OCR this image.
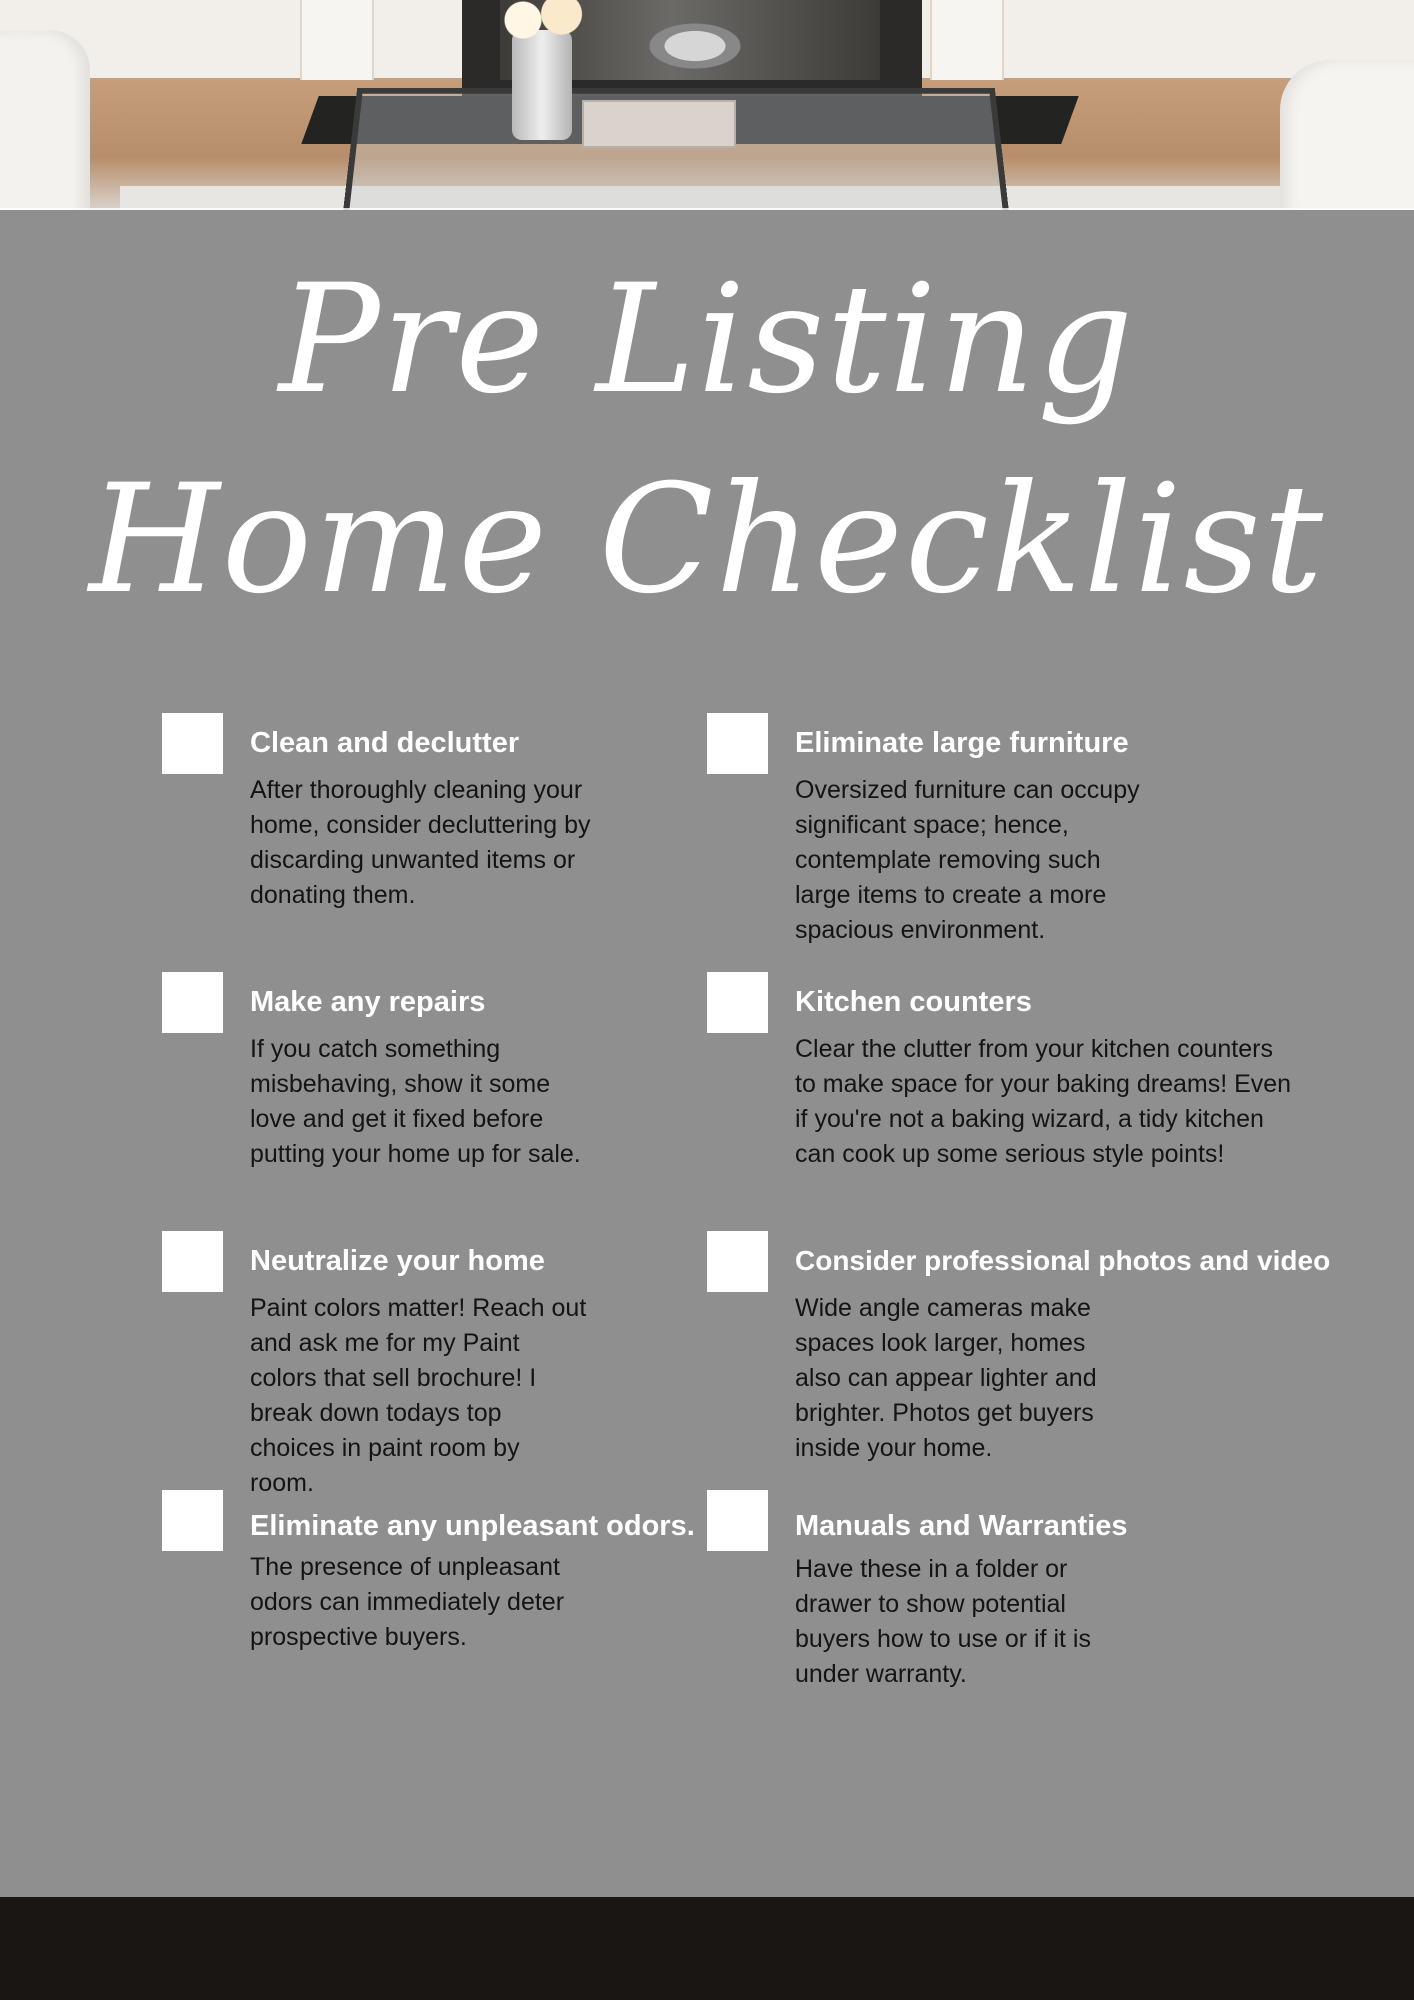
Pre Listing
Home Checklist
Clean and declutter
After thoroughly cleaning your home, consider decluttering by discarding unwanted items or donating them.
Make any repairs
If you catch something misbehaving, show it some love and get it fixed before putting your home up for sale.
Neutralize your home
Paint colors matter! Reach out and ask me for my Paint colors that sell brochure! I break down todays top choices in paint room by room.
Eliminate any unpleasant odors.
The presence of unpleasant odors can immediately deter prospective buyers.
Eliminate large furniture
Oversized furniture can occupy significant space; hence, contemplate removing such large items to create a more spacious environment.
Kitchen counters
Clear the clutter from your kitchen counters to make space for your baking dreams! Even if you're not a baking wizard, a tidy kitchen can cook up some serious style points!
Consider professional photos and video
Wide angle cameras make spaces look larger, homes also can appear lighter and brighter. Photos get buyers inside your home.
Manuals and Warranties
Have these in a folder or drawer to show potential buyers how to use or if it is under warranty.
